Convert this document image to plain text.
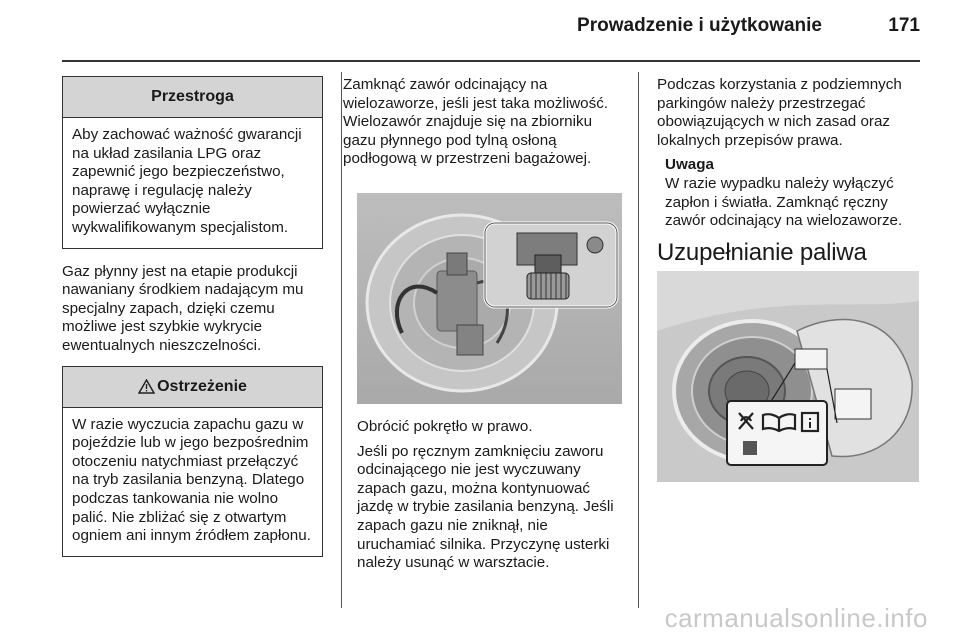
Prowadzenie i użytkowanie	171
Przestroga

Aby zachować ważność gwarancji na układ zasilania LPG oraz zapewnić jego bezpieczeństwo, naprawę i regulację należy powierzać wyłącznie wykwalifikowanym specjalistom.

Gaz płynny jest na etapie produkcji nawaniany środkiem nadającym mu specjalny zapach, dzięki czemu możliwe jest szybkie wykrycie ewentualnych nieszczelności.

Ostrzeżenie

W razie wyczucia zapachu gazu w pojeździe lub w jego bezpośrednim otoczeniu natychmiast przełączyć na tryb zasilania benzyną. Dlatego podczas tankowania nie wolno palić. Nie zbliżać się z otwartym ogniem ani innym źródłem zapłonu.

Zamknąć zawór odcinający na wielozaworze, jeśli jest taka możliwość. Wielozawór znajduje się na zbiorniku gazu płynnego pod tylną osłoną podłogową w przestrzeni bagażowej.

Obrócić pokrętło w prawo.

Jeśli po ręcznym zamknięciu zaworu odcinającego nie jest wyczuwany zapach gazu, można kontynuować jazdę w trybie zasilania benzyną. Jeśli zapach gazu nie zniknął, nie uruchamiać silnika. Przyczynę usterki należy usunąć w warsztacie.

Podczas korzystania z podziemnych parkingów należy przestrzegać obowiązujących w nich zasad oraz lokalnych przepisów prawa.

Uwaga

W razie wypadku należy wyłączyć zapłon i światła. Zamknąć ręczny zawór odcinający na wielozaworze.

Uzupełnianie paliwa
carmanualsonline.info
